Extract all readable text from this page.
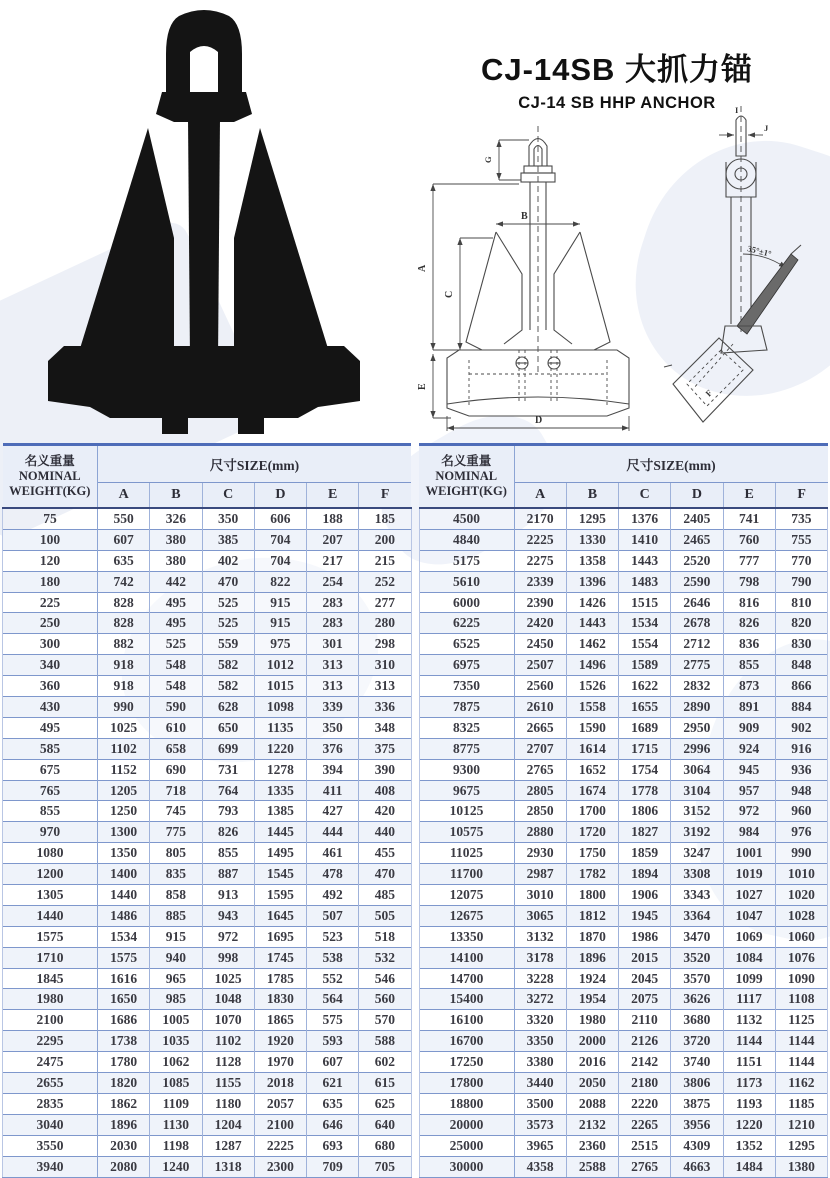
CJ-14SB 大抓力锚
CJ-14 SB HHP ANCHOR
B
A
G
C
E
D
I
J
35°±1°
F
名义重量
NOMINAL
WEIGHT(KG)	尺寸SIZE(mm)					
	A	B	C	D	E	F
75	550	326	350	606	188	185
100	607	380	385	704	207	200
120	635	380	402	704	217	215
180	742	442	470	822	254	252
225	828	495	525	915	283	277
250	828	495	525	915	283	280
300	882	525	559	975	301	298
340	918	548	582	1012	313	310
360	918	548	582	1015	313	313
430	990	590	628	1098	339	336
495	1025	610	650	1135	350	348
585	1102	658	699	1220	376	375
675	1152	690	731	1278	394	390
765	1205	718	764	1335	411	408
855	1250	745	793	1385	427	420
970	1300	775	826	1445	444	440
1080	1350	805	855	1495	461	455
1200	1400	835	887	1545	478	470
1305	1440	858	913	1595	492	485
1440	1486	885	943	1645	507	505
1575	1534	915	972	1695	523	518
1710	1575	940	998	1745	538	532
1845	1616	965	1025	1785	552	546
1980	1650	985	1048	1830	564	560
2100	1686	1005	1070	1865	575	570
2295	1738	1035	1102	1920	593	588
2475	1780	1062	1128	1970	607	602
2655	1820	1085	1155	2018	621	615
2835	1862	1109	1180	2057	635	625
3040	1896	1130	1204	2100	646	640
3550	2030	1198	1287	2225	693	680
3940	2080	1240	1318	2300	709	705
名义重量
NOMINAL
WEIGHT(KG)	尺寸SIZE(mm)					
	A	B	C	D	E	F
4500	2170	1295	1376	2405	741	735
4840	2225	1330	1410	2465	760	755
5175	2275	1358	1443	2520	777	770
5610	2339	1396	1483	2590	798	790
6000	2390	1426	1515	2646	816	810
6225	2420	1443	1534	2678	826	820
6525	2450	1462	1554	2712	836	830
6975	2507	1496	1589	2775	855	848
7350	2560	1526	1622	2832	873	866
7875	2610	1558	1655	2890	891	884
8325	2665	1590	1689	2950	909	902
8775	2707	1614	1715	2996	924	916
9300	2765	1652	1754	3064	945	936
9675	2805	1674	1778	3104	957	948
10125	2850	1700	1806	3152	972	960
10575	2880	1720	1827	3192	984	976
11025	2930	1750	1859	3247	1001	990
11700	2987	1782	1894	3308	1019	1010
12075	3010	1800	1906	3343	1027	1020
12675	3065	1812	1945	3364	1047	1028
13350	3132	1870	1986	3470	1069	1060
14100	3178	1896	2015	3520	1084	1076
14700	3228	1924	2045	3570	1099	1090
15400	3272	1954	2075	3626	1117	1108
16100	3320	1980	2110	3680	1132	1125
16700	3350	2000	2126	3720	1144	1144
17250	3380	2016	2142	3740	1151	1144
17800	3440	2050	2180	3806	1173	1162
18800	3500	2088	2220	3875	1193	1185
20000	3573	2132	2265	3956	1220	1210
25000	3965	2360	2515	4309	1352	1295
30000	4358	2588	2765	4663	1484	1380
